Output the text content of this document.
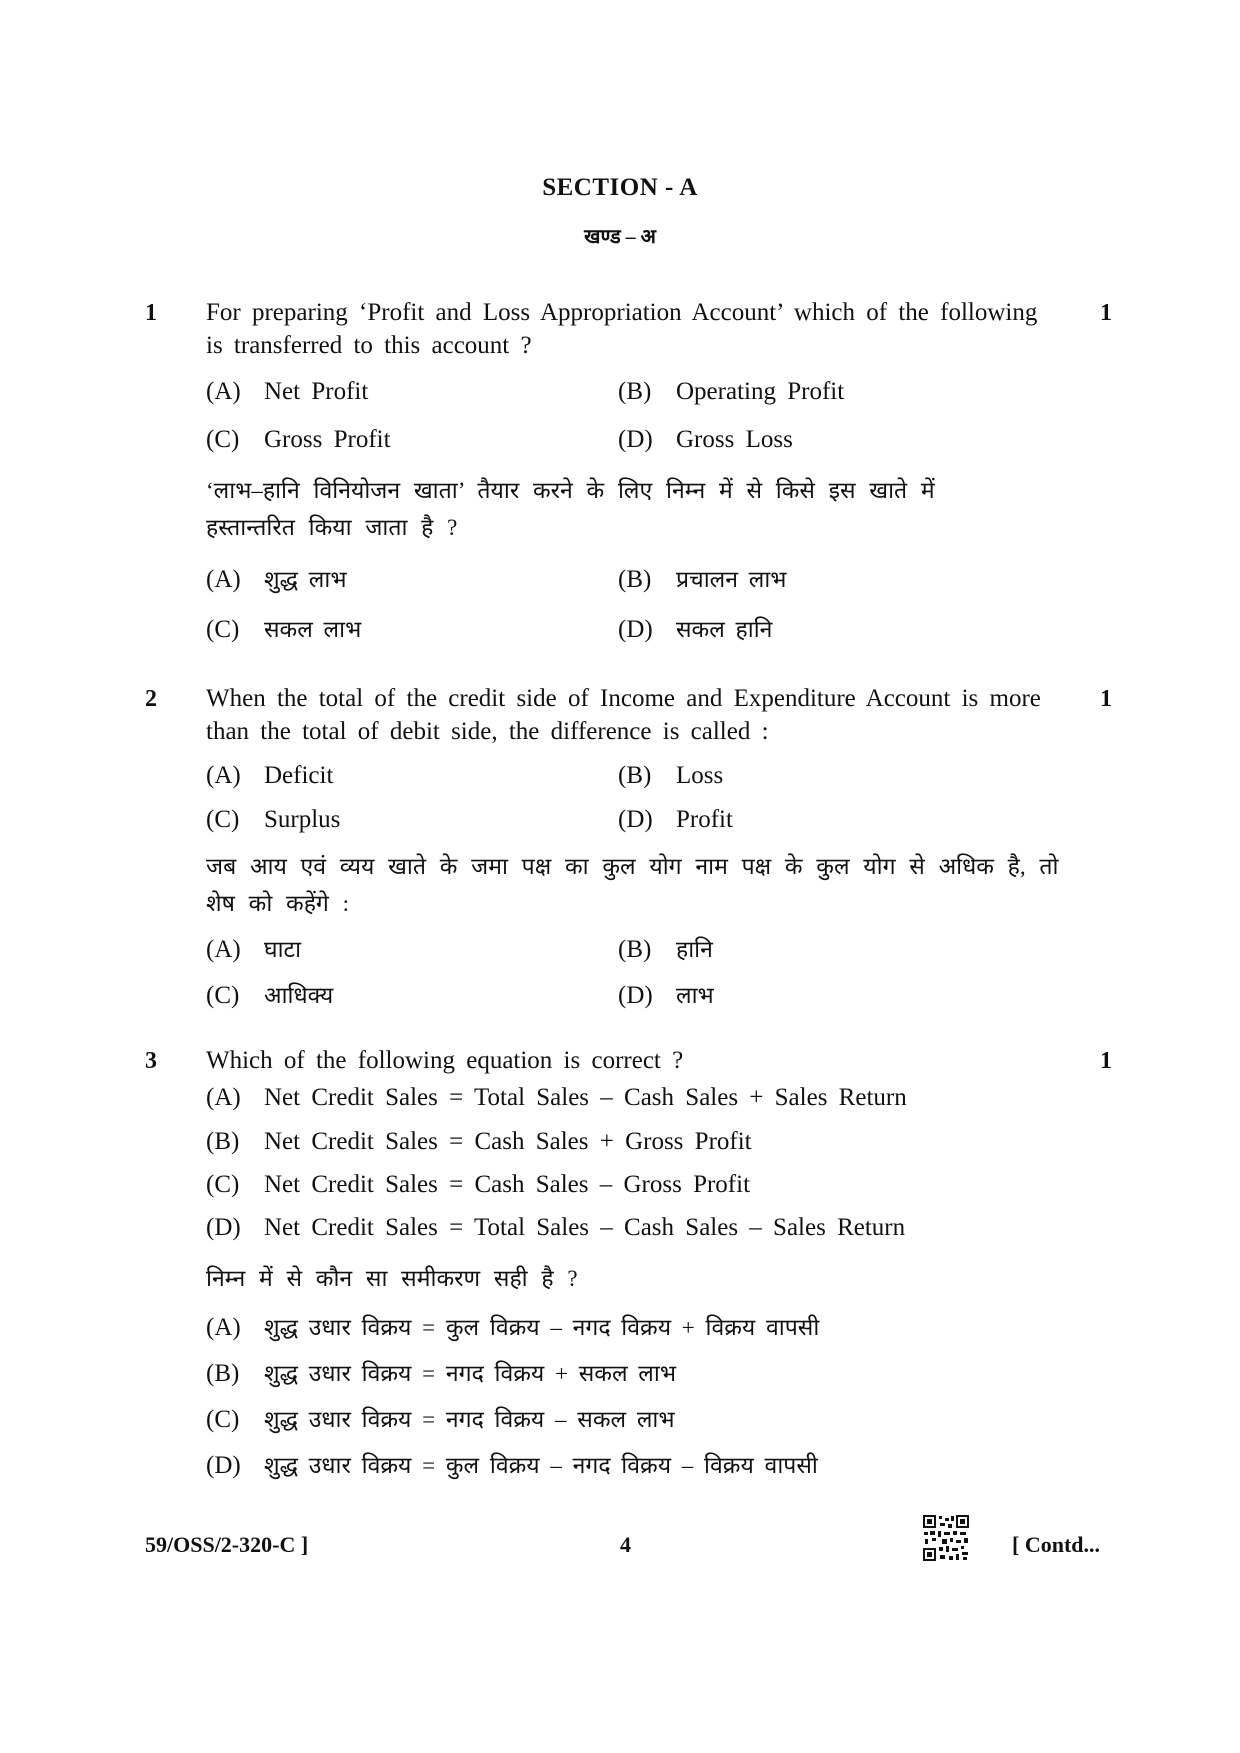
SECTION - A
खण्ड – अ
1	1
For preparing ‘Profit and Loss Appropriation Account’ which of the following is transferred to this account ?
(A) Net Profit	(B) Operating Profit
(C) Gross Profit	(D) Gross Loss
‘लाभ–हानि विनियोजन खाता’ तैयार करने के लिए निम्न में से किसे इस खाते में हस्तान्तरित किया जाता है ?
(A) शुद्ध लाभ	(B) प्रचालन लाभ
(C) सकल लाभ	(D) सकल हानि
2	1
When the total of the credit side of Income and Expenditure Account is more than the total of debit side, the difference is called :
(A) Deficit	(B) Loss
(C) Surplus	(D) Profit
जब आय एवं व्यय खाते के जमा पक्ष का कुल योग नाम पक्ष के कुल योग से अधिक है, तो शेष को कहेंगे :
(A) घाटा	(B) हानि
(C) आधिक्य	(D) लाभ
3	1
Which of the following equation is correct ?
(A) Net Credit Sales = Total Sales – Cash Sales + Sales Return
(B) Net Credit Sales = Cash Sales + Gross Profit
(C) Net Credit Sales = Cash Sales – Gross Profit
(D) Net Credit Sales = Total Sales – Cash Sales – Sales Return
निम्न में से कौन सा समीकरण सही है ?
(A) शुद्ध उधार विक्रय = कुल विक्रय – नगद विक्रय + विक्रय वापसी
(B) शुद्ध उधार विक्रय = नगद विक्रय + सकल लाभ
(C) शुद्ध उधार विक्रय = नगद विक्रय – सकल लाभ
(D) शुद्ध उधार विक्रय = कुल विक्रय – नगद विक्रय – विक्रय वापसी
59/OSS/2-320-C ]	4	[ Contd...
